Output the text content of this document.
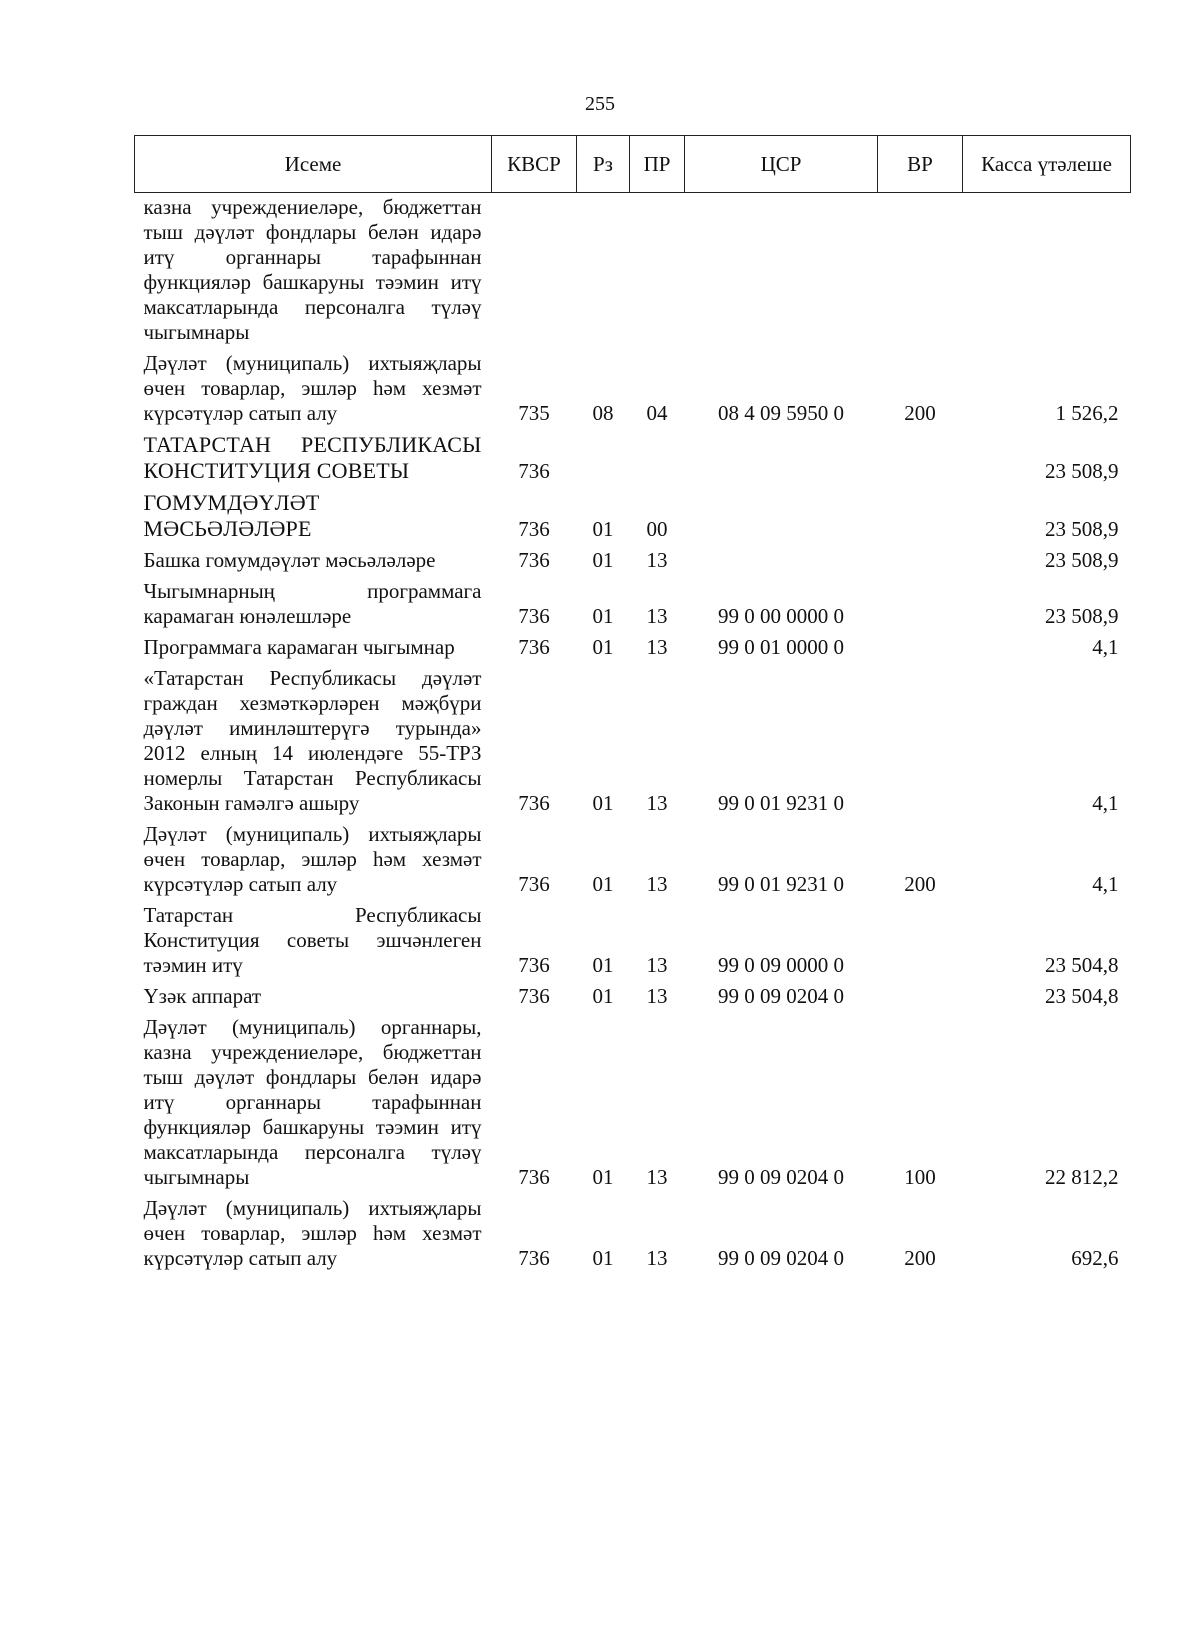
255
Исеме	КВСР	Рз	ПР	ЦСР	ВР	Касса үтәлеше
казна учреждениеләре, бюджеттан тыш дәүләт фондлары белән идарә итү органнары тарафыннан функцияләр башкаруны тәэмин итү максатларында персоналга түләү чыгымнары						
Дәүләт (муниципаль) ихтыяҗлары өчен товарлар, эшләр һәм хезмәт күрсәтүләр сатып алу	735	08	04	08 4 09 5950 0	200	1 526,2
ТАТАРСТАН РЕСПУБЛИКАСЫ КОНСТИТУЦИЯ СОВЕТЫ	736					23 508,9
ГОМУМДӘҮЛӘТ МӘСЬӘЛӘЛӘРЕ	736	01	00			23 508,9
Башка гомумдәүләт мәсьәләләре	736	01	13			23 508,9
Чыгымнарның программага карамаган юнәлешләре	736	01	13	99 0 00 0000 0		23 508,9
Программага карамаган чыгымнар	736	01	13	99 0 01 0000 0		4,1
«Татарстан Республикасы дәүләт граждан хезмәткәрләрен мәҗбүри дәүләт иминләштерүгә турында» 2012 елның 14 июлендәге 55-ТРЗ номерлы Татарстан Республикасы Законын гамәлгә ашыру	736	01	13	99 0 01 9231 0		4,1
Дәүләт (муниципаль) ихтыяҗлары өчен товарлар, эшләр һәм хезмәт күрсәтүләр сатып алу	736	01	13	99 0 01 9231 0	200	4,1
Татарстан Республикасы Конституция советы эшчәнлеген тәэмин итү	736	01	13	99 0 09 0000 0		23 504,8
Үзәк аппарат	736	01	13	99 0 09 0204 0		23 504,8
Дәүләт (муниципаль) органнары, казна учреждениеләре, бюджеттан тыш дәүләт фондлары белән идарә итү органнары тарафыннан функцияләр башкаруны тәэмин итү максатларында персоналга түләү чыгымнары	736	01	13	99 0 09 0204 0	100	22 812,2
Дәүләт (муниципаль) ихтыяҗлары өчен товарлар, эшләр һәм хезмәт күрсәтүләр сатып алу	736	01	13	99 0 09 0204 0	200	692,6
